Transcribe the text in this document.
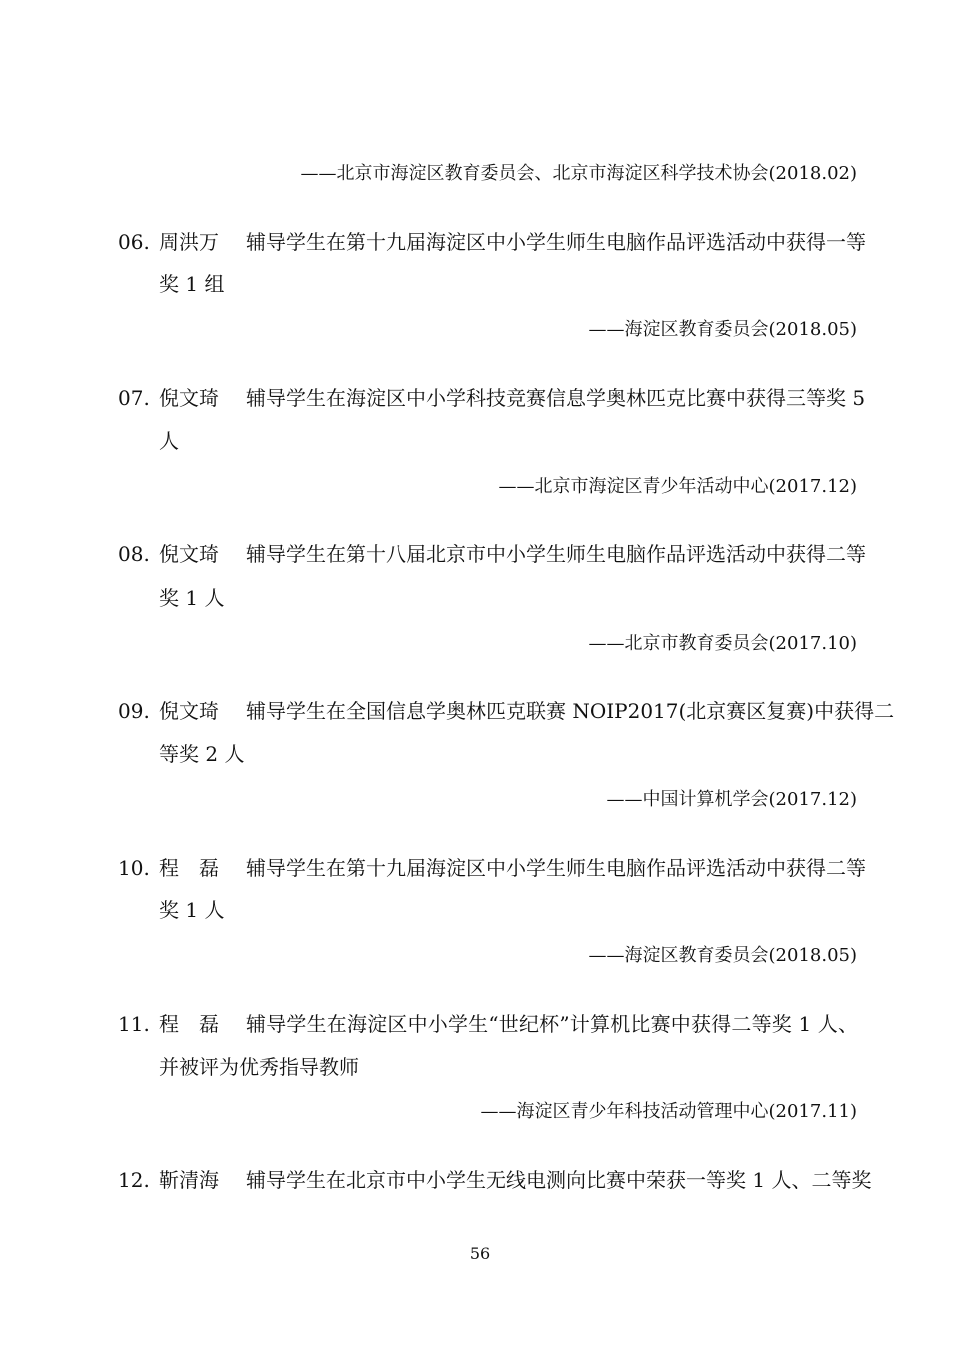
——北京市海淀区教育委员会、北京市海淀区科学技术协会(2018.02)
06. 周洪万 辅导学生在第十九届海淀区中小学生师生电脑作品评选活动中获得一等
奖 1 组
——海淀区教育委员会(2018.05)
07. 倪文琦 辅导学生在海淀区中小学科技竞赛信息学奥林匹克比赛中获得三等奖 5
人
——北京市海淀区青少年活动中心(2017.12)
08. 倪文琦 辅导学生在第十八届北京市中小学生师生电脑作品评选活动中获得二等
奖 1 人
——北京市教育委员会(2017.10)
09. 倪文琦 辅导学生在全国信息学奥林匹克联赛 NOIP2017(北京赛区复赛)中获得二
等奖 2 人
——中国计算机学会(2017.12)
10. 程　磊 辅导学生在第十九届海淀区中小学生师生电脑作品评选活动中获得二等
奖 1 人
——海淀区教育委员会(2018.05)
11. 程　磊 辅导学生在海淀区中小学生“世纪杯”计算机比赛中获得二等奖 1 人、
并被评为优秀指导教师
——海淀区青少年科技活动管理中心(2017.11)
12. 靳清海 辅导学生在北京市中小学生无线电测向比赛中荣获一等奖 1 人、二等奖
56
